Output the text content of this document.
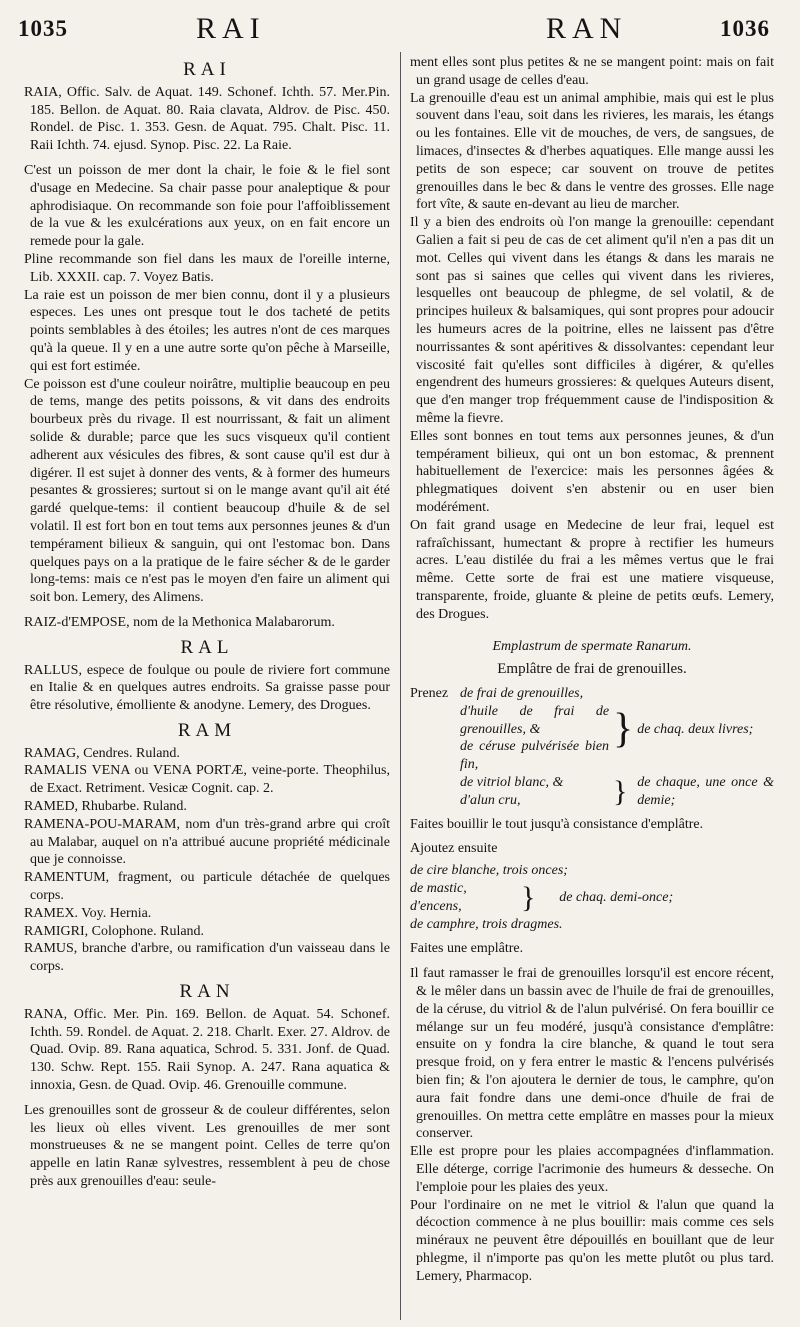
1035	RAI	RAN	1036
RAI

RAIA, Offic. Salv. de Aquat. 149. Schonef. Ichth. 57. Mer.Pin. 185. Bellon. de Aquat. 80. Raia clavata, Aldrov. de Pisc. 450. Rondel. de Pisc. 1. 353. Gesn. de Aquat. 795. Chalt. Pisc. 11. Raii Ichth. 74. ejusd. Synop. Pisc. 22. La Raie.

C'est un poisson de mer dont la chair, le foie & le fiel sont d'usage en Medecine. Sa chair passe pour analeptique & pour aphrodisiaque. On recommande son foie pour l'affoiblissement de la vue & les exulcérations aux yeux, on en fait encore un remede pour la gale.

Pline recommande son fiel dans les maux de l'oreille interne, Lib. XXXII. cap. 7. Voyez Batis.

La raie est un poisson de mer bien connu, dont il y a plusieurs especes. Les unes ont presque tout le dos tacheté de petits points semblables à des étoiles; les autres n'ont de ces marques qu'à la queue. Il y en a une autre sorte qu'on pêche à Marseille, qui est fort estimée.

Ce poisson est d'une couleur noirâtre, multiplie beaucoup en peu de tems, mange des petits poissons, & vit dans des endroits bourbeux près du rivage. Il est nourrissant, & fait un aliment solide & durable; parce que les sucs visqueux qu'il contient adherent aux vésicules des fibres, & sont cause qu'il est dur à digérer. Il est sujet à donner des vents, & à former des humeurs pesantes & grossieres; surtout si on le mange avant qu'il ait été gardé quelque-tems: il contient beaucoup d'huile & de sel volatil. Il est fort bon en tout tems aux personnes jeunes & d'un tempérament bilieux & sanguin, qui ont l'estomac bon. Dans quelques pays on a la pratique de le faire sécher & de le garder long-tems: mais ce n'est pas le moyen d'en faire un aliment qui soit bon. Lemery, des Alimens.

RAIZ-d'EMPOSE, nom de la Methonica Malabarorum.

RAL

RALLUS, espece de foulque ou poule de riviere fort commune en Italie & en quelques autres endroits. Sa graisse passe pour être résolutive, émolliente & anodyne. Lemery, des Drogues.

RAM

RAMAG, Cendres. Ruland.

RAMALIS VENA ou VENA PORTÆ, veine-porte. Theophilus, de Exact. Retriment. Vesicæ Cognit. cap. 2.

RAMED, Rhubarbe. Ruland.

RAMENA-POU-MARAM, nom d'un très-grand arbre qui croît au Malabar, auquel on n'a attribué aucune propriété médicinale que je connoisse.

RAMENTUM, fragment, ou particule détachée de quelques corps.

RAMEX. Voy. Hernia.

RAMIGRI, Colophone. Ruland.

RAMUS, branche d'arbre, ou ramification d'un vaisseau dans le corps.

RAN

RANA, Offic. Mer. Pin. 169. Bellon. de Aquat. 54. Schonef. Ichth. 59. Rondel. de Aquat. 2. 218. Charlt. Exer. 27. Aldrov. de Quad. Ovip. 89. Rana aquatica, Schrod. 5. 331. Jonf. de Quad. 130. Schw. Rept. 155. Raii Synop. A. 247. Rana aquatica & innoxia, Gesn. de Quad. Ovip. 46. Grenouille commune.

Les grenouilles sont de grosseur & de couleur différentes, selon les lieux où elles vivent. Les grenouilles de mer sont monstrueuses & ne se mangent point. Celles de terre qu'on appelle en latin Ranæ sylvestres, ressemblent à peu de chose près aux grenouilles d'eau: seule-

ment elles sont plus petites & ne se mangent point: mais on fait un grand usage de celles d'eau.

La grenouille d'eau est un animal amphibie, mais qui est le plus souvent dans l'eau, soit dans les rivieres, les marais, les étangs ou les fontaines. Elle vit de mouches, de vers, de sangsues, de limaces, d'insectes & d'herbes aquatiques. Elle mange aussi les petits de son espece; car souvent on trouve de petites grenouilles dans le bec & dans le ventre des grosses. Elle nage fort vîte, & saute en-devant au lieu de marcher.

Il y a bien des endroits où l'on mange la grenouille: cependant Galien a fait si peu de cas de cet aliment qu'il n'en a pas dit un mot. Celles qui vivent dans les étangs & dans les marais ne sont pas si saines que celles qui vivent dans les rivieres, lesquelles ont beaucoup de phlegme, de sel volatil, & de principes huileux & balsamiques, qui sont propres pour adoucir les humeurs acres de la poitrine, elles ne laissent pas d'être nourrissantes & sont apéritives & dissolvantes: cependant leur viscosité fait qu'elles sont difficiles à digérer, & qu'elles engendrent des humeurs grossieres: & quelques Auteurs disent, que d'en manger trop fréquemment cause de l'indisposition & même la fievre.

Elles sont bonnes en tout tems aux personnes jeunes, & d'un tempérament bilieux, qui ont un bon estomac, & prennent habituellement de l'exercice: mais les personnes âgées & phlegmatiques doivent s'en abstenir ou en user bien modérément.

On fait grand usage en Medecine de leur frai, lequel est rafraîchissant, humectant & propre à rectifier les humeurs acres. L'eau distilée du frai a les mêmes vertus que le frai même. Cette sorte de frai est une matiere visqueuse, transparente, froide, gluante & pleine de petits œufs. Lemery, des Drogues.

Emplastrum de spermate Ranarum.
Emplâtre de frai de grenouilles.
Prenez	de frai de grenouilles,	}	de chaq. deux livres;
	d'huile de frai de grenouilles, &		
	de céruse pulvérisée bien fin,		
	de vitriol blanc, &	}	de chaque, une once & demie;
	d'alun cru,		

Faites bouillir le tout jusqu'à consistance d'emplâtre.

Ajoutez ensuite

de cire blanche, trois onces;
de mastic,	}	de chaq. demi-once;
d'encens,
de camphre, trois dragmes.

Faites une emplâtre.

Il faut ramasser le frai de grenouilles lorsqu'il est encore récent, & le mêler dans un bassin avec de l'huile de frai de grenouilles, de la céruse, du vitriol & de l'alun pulvérisé. On fera bouillir ce mélange sur un feu modéré, jusqu'à consistance d'emplâtre: ensuite on y fondra la cire blanche, & quand le tout sera presque froid, on y fera entrer le mastic & l'encens pulvérisés bien fin; & l'on ajoutera le dernier de tous, le camphre, qu'on aura fait fondre dans une demi-once d'huile de frai de grenouilles. On mettra cette emplâtre en masses pour la mieux conserver.

Elle est propre pour les plaies accompagnées d'inflammation. Elle déterge, corrige l'acrimonie des humeurs & desseche. On l'emploie pour les plaies des yeux.

Pour l'ordinaire on ne met le vitriol & l'alun que quand la décoction commence à ne plus bouillir: mais comme ces sels minéraux ne peuvent être dépouillés en bouillant que de leur phlegme, il n'importe pas qu'on les mette plutôt ou plus tard. Lemery, Pharmacop.
